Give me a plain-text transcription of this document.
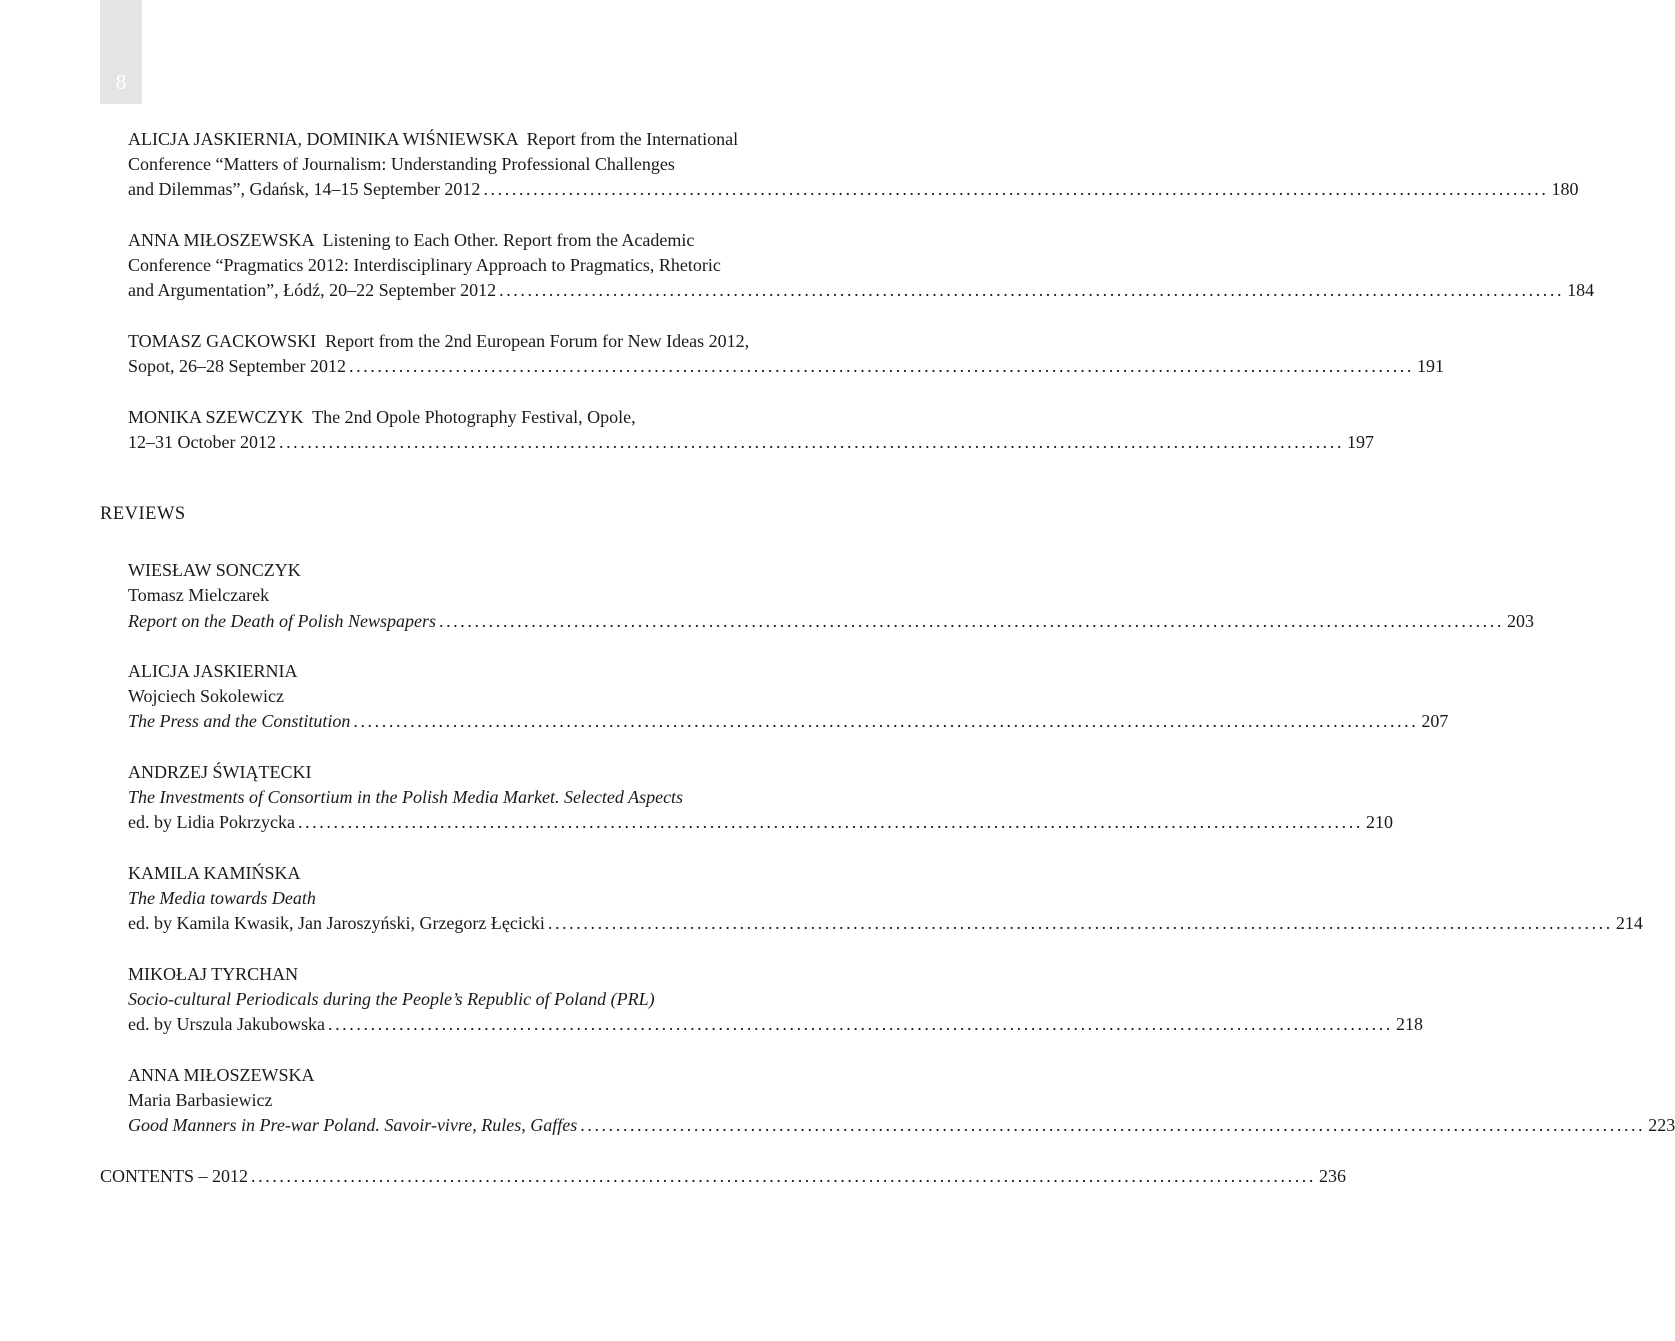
8
ALICJA JASKIERNIA, DOMINIKA WIŚNIEWSKA  Report from the International
Conference “Matters of Journalism: Understanding Professional Challenges
and Dilemmas”, Gdańsk, 14–15 September 2012 ...................................................................................................................................................... 180
ANNA MIŁOSZEWSKA  Listening to Each Other. Report from the Academic
Conference “Pragmatics 2012: Interdisciplinary Approach to Pragmatics, Rhetoric
and Argumentation”, Łódź, 20–22 September 2012 ...................................................................................................................................................... 184
TOMASZ GACKOWSKI  Report from the 2nd European Forum for New Ideas 2012,
Sopot, 26–28 September 2012 ...................................................................................................................................................... 191
MONIKA SZEWCZYK  The 2nd Opole Photography Festival, Opole,
12–31 October 2012 ...................................................................................................................................................... 197
REVIEWS
WIESŁAW SONCZYK
Tomasz Mielczarek
Report on the Death of Polish Newspapers ...................................................................................................................................................... 203
ALICJA JASKIERNIA
Wojciech Sokolewicz
The Press and the Constitution ...................................................................................................................................................... 207
ANDRZEJ ŚWIĄTECKI
The Investments of Consortium in the Polish Media Market. Selected Aspects
ed. by Lidia Pokrzycka ...................................................................................................................................................... 210
KAMILA KAMIŃSKA
The Media towards Death
ed. by Kamila Kwasik, Jan Jaroszyński, Grzegorz Łęcicki ...................................................................................................................................................... 214
MIKOŁAJ TYRCHAN
Socio-cultural Periodicals during the People’s Republic of Poland (PRL)
ed. by Urszula Jakubowska ...................................................................................................................................................... 218
ANNA MIŁOSZEWSKA
Maria Barbasiewicz
Good Manners in Pre-war Poland. Savoir-vivre, Rules, Gaffes ...................................................................................................................................................... 223
CONTENTS – 2012 ...................................................................................................................................................... 236
